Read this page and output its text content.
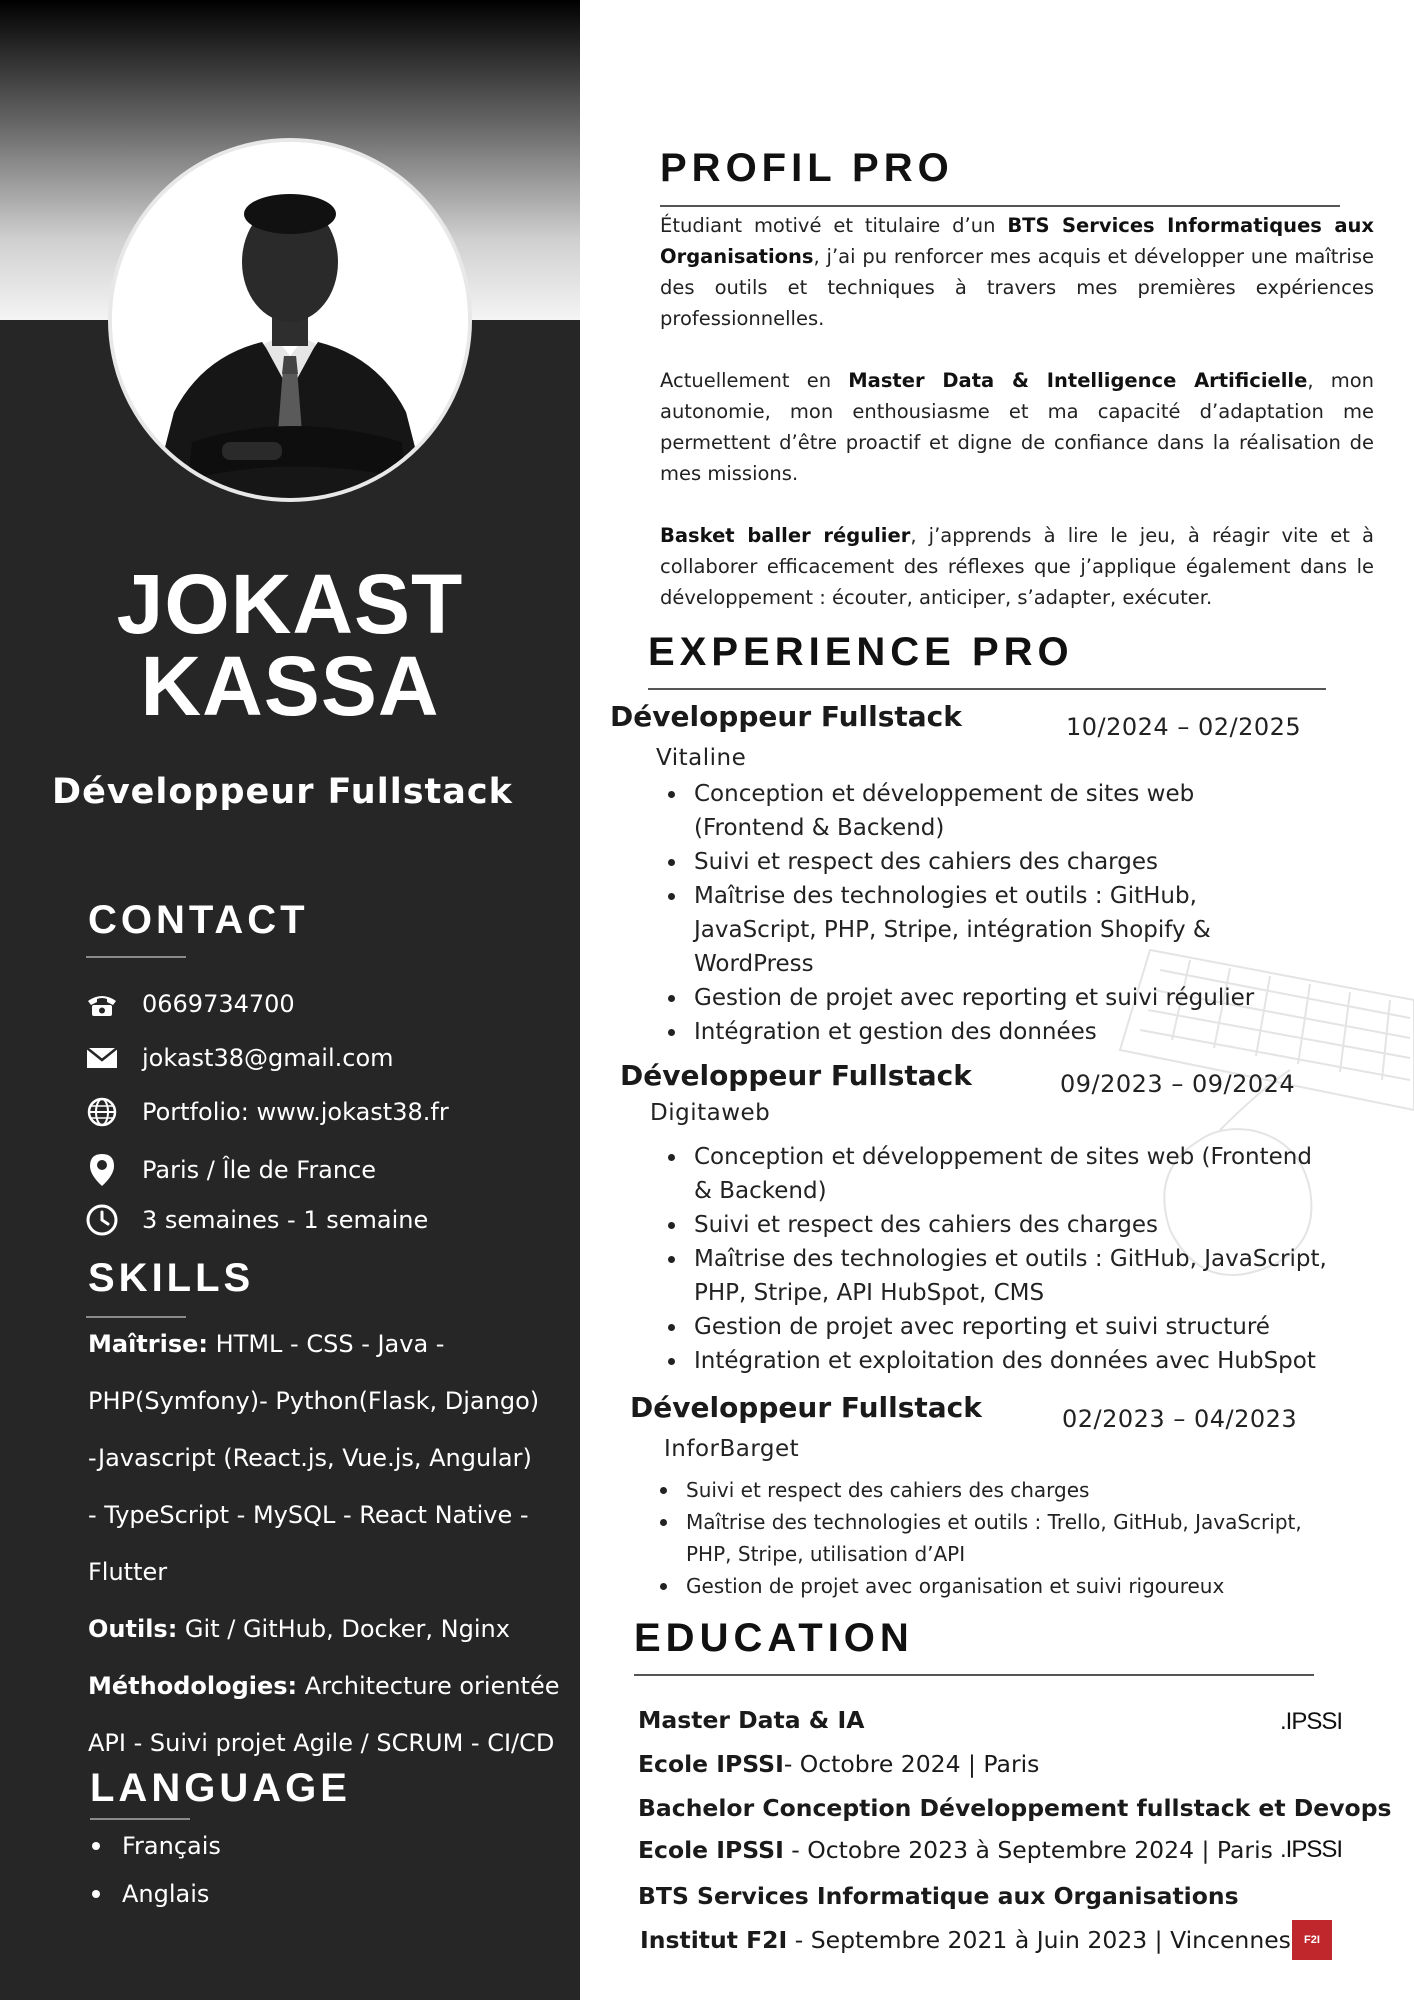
JOKAST
KASSA
Développeur Fullstack
CONTACT
0669734700
jokast38@gmail.com
Portfolio: www.jokast38.fr
Paris / Île de France
3 semaines - 1 semaine
SKILLS
Maîtrise: HTML - CSS - Java -
PHP(Symfony)- Python(Flask, Django)
-Javascript (React.js, Vue.js, Angular)
- TypeScript - MySQL - React Native -
Flutter
Outils: Git / GitHub, Docker, Nginx
Méthodologies: Architecture orientée
API - Suivi projet Agile / SCRUM - CI/CD
LANGUAGE
Français
Anglais
PROFIL PRO

Étudiant motivé et titulaire d’un BTS Services Informatiques aux Organisations, j’ai pu renforcer mes acquis et développer une maîtrise des outils et techniques à travers mes premières expériences professionnelles.

Actuellement en Master Data & Intelligence Artificielle, mon autonomie, mon enthousiasme et ma capacité d’adaptation me permettent d’être proactif et digne de confiance dans la réalisation de mes missions.

Basket baller régulier, j’apprends à lire le jeu, à réagir vite et à collaborer efficacement des réflexes que j’applique également dans le développement : écouter, anticiper, s’adapter, exécuter.

EXPERIENCE PRO
Développeur Fullstack	10/2024 – 02/2025
Vitaline
Conception et développement de sites web (Frontend & Backend)
Suivi et respect des cahiers des charges
Maîtrise des technologies et outils : GitHub, JavaScript, PHP, Stripe, intégration Shopify & WordPress
Gestion de projet avec reporting et suivi régulier
Intégration et gestion des données
Développeur Fullstack	09/2023 – 09/2024
Digitaweb
Conception et développement de sites web (Frontend & Backend)
Suivi et respect des cahiers des charges
Maîtrise des technologies et outils : GitHub, JavaScript, PHP, Stripe, API HubSpot, CMS
Gestion de projet avec reporting et suivi structuré
Intégration et exploitation des données avec HubSpot
Développeur Fullstack	02/2023 – 04/2023
InforBarget
Suivi et respect des cahiers des charges
Maîtrise des technologies et outils : Trello, GitHub, JavaScript, PHP, Stripe, utilisation d’API
Gestion de projet avec organisation et suivi rigoureux
EDUCATION
Master Data & IA
Ecole IPSSI- Octobre 2024 | Paris
.IPSSI
Bachelor Conception Développement fullstack et Devops
Ecole IPSSI - Octobre 2023 à Septembre 2024 | Paris .IPSSI
BTS Services Informatique aux Organisations
Institut F2I - Septembre 2021 à Juin 2023 | Vincennes	F2I
